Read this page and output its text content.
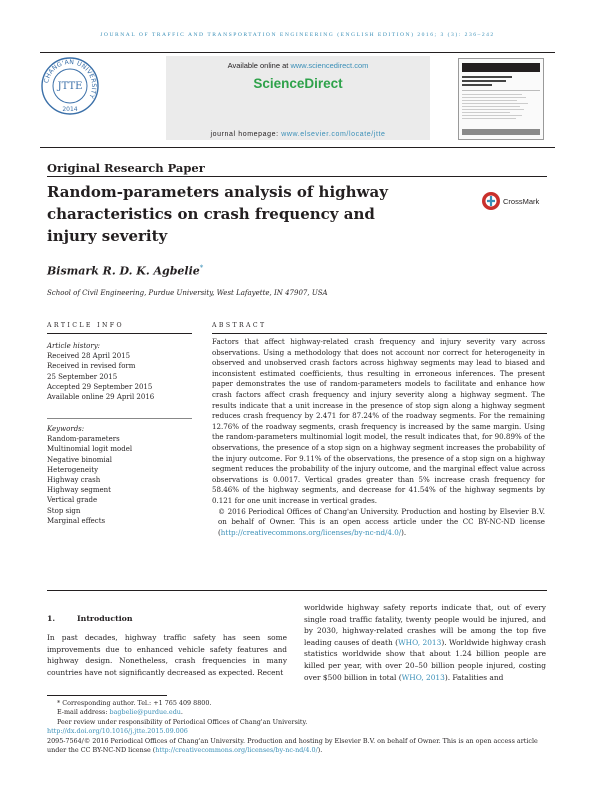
JOURNAL OF TRAFFIC AND TRANSPORTATION ENGINEERING (ENGLISH EDITION) 2016; 3 (3): 236–242
CHANG'AN UNIVERSITY
JTTE
2014
Available online at www.sciencedirect.com
ScienceDirect
journal homepage: www.elsevier.com/locate/jtte
Original Research Paper
Random-parameters analysis of highway characteristics on crash frequency and injury severity
CrossMark
Bismark R. D. K. Agbelie*
School of Civil Engineering, Purdue University, West Lafayette, IN 47907, USA
ARTICLE INFO
Article history:
Received 28 April 2015
Received in revised form
25 September 2015
Accepted 29 September 2015
Available online 29 April 2016
Keywords:
Random-parameters
Multinomial logit model
Negative binomial
Heterogeneity
Highway crash
Highway segment
Vertical grade
Stop sign
Marginal effects
ABSTRACT
Factors that affect highway-related crash frequency and injury severity vary across observations. Using a methodology that does not account nor correct for heterogeneity in observed and unobserved crash factors across highway segments may lead to biased and inconsistent estimated coefficients, thus resulting in erroneous inferences. The present paper demonstrates the use of random-parameters models to facilitate and enhance how crash factors affect crash frequency and injury severity along a highway segment. The results indicate that a unit increase in the presence of stop sign along a highway segment reduces crash frequency by 2.471 for 87.24% of the roadway segments. For the remaining 12.76% of the roadway segments, crash frequency is increased by the same margin. Using the random-parameters multinomial logit model, the result indicates that, for 90.89% of the observations, the presence of a stop sign on a highway segment increases the probability of the injury outcome. For 9.11% of the observations, the presence of a stop sign on a highway segment reduces the probability of the injury outcome, and the marginal effect value across observations is 0.0017. Vertical grades greater than 5% increase crash frequency for 58.46% of the highway segments, and decrease for 41.54% of the highway segments by 0.121 for one unit increase in vertical grades.
© 2016 Periodical Offices of Chang'an University. Production and hosting by Elsevier B.V. on behalf of Owner. This is an open access article under the CC BY-NC-ND license (http://creativecommons.org/licenses/by-nc-nd/4.0/).
1.	Introduction
In past decades, highway traffic safety has seen some improvements due to enhanced vehicle safety features and highway design. Nonetheless, crash frequencies in many countries have not significantly decreased as expected. Recent
worldwide highway safety reports indicate that, out of every single road traffic fatality, twenty people would be injured, and by 2030, highway-related crashes will be among the top five leading causes of death (WHO, 2013). Worldwide highway crash statistics worldwide show that about 1.24 billion people are killed per year, with over 20–50 billion people injured, costing over $500 billion in total (WHO, 2013). Fatalities and
* Corresponding author. Tel.: +1 765 409 8800.
E-mail address: bagbelie@purdue.edu.
Peer review under responsibility of Periodical Offices of Chang'an University.
http://dx.doi.org/10.1016/j.jtte.2015.09.006
2095-7564/© 2016 Periodical Offices of Chang'an University. Production and hosting by Elsevier B.V. on behalf of Owner. This is an open access article under the CC BY-NC-ND license (http://creativecommons.org/licenses/by-nc-nd/4.0/).
